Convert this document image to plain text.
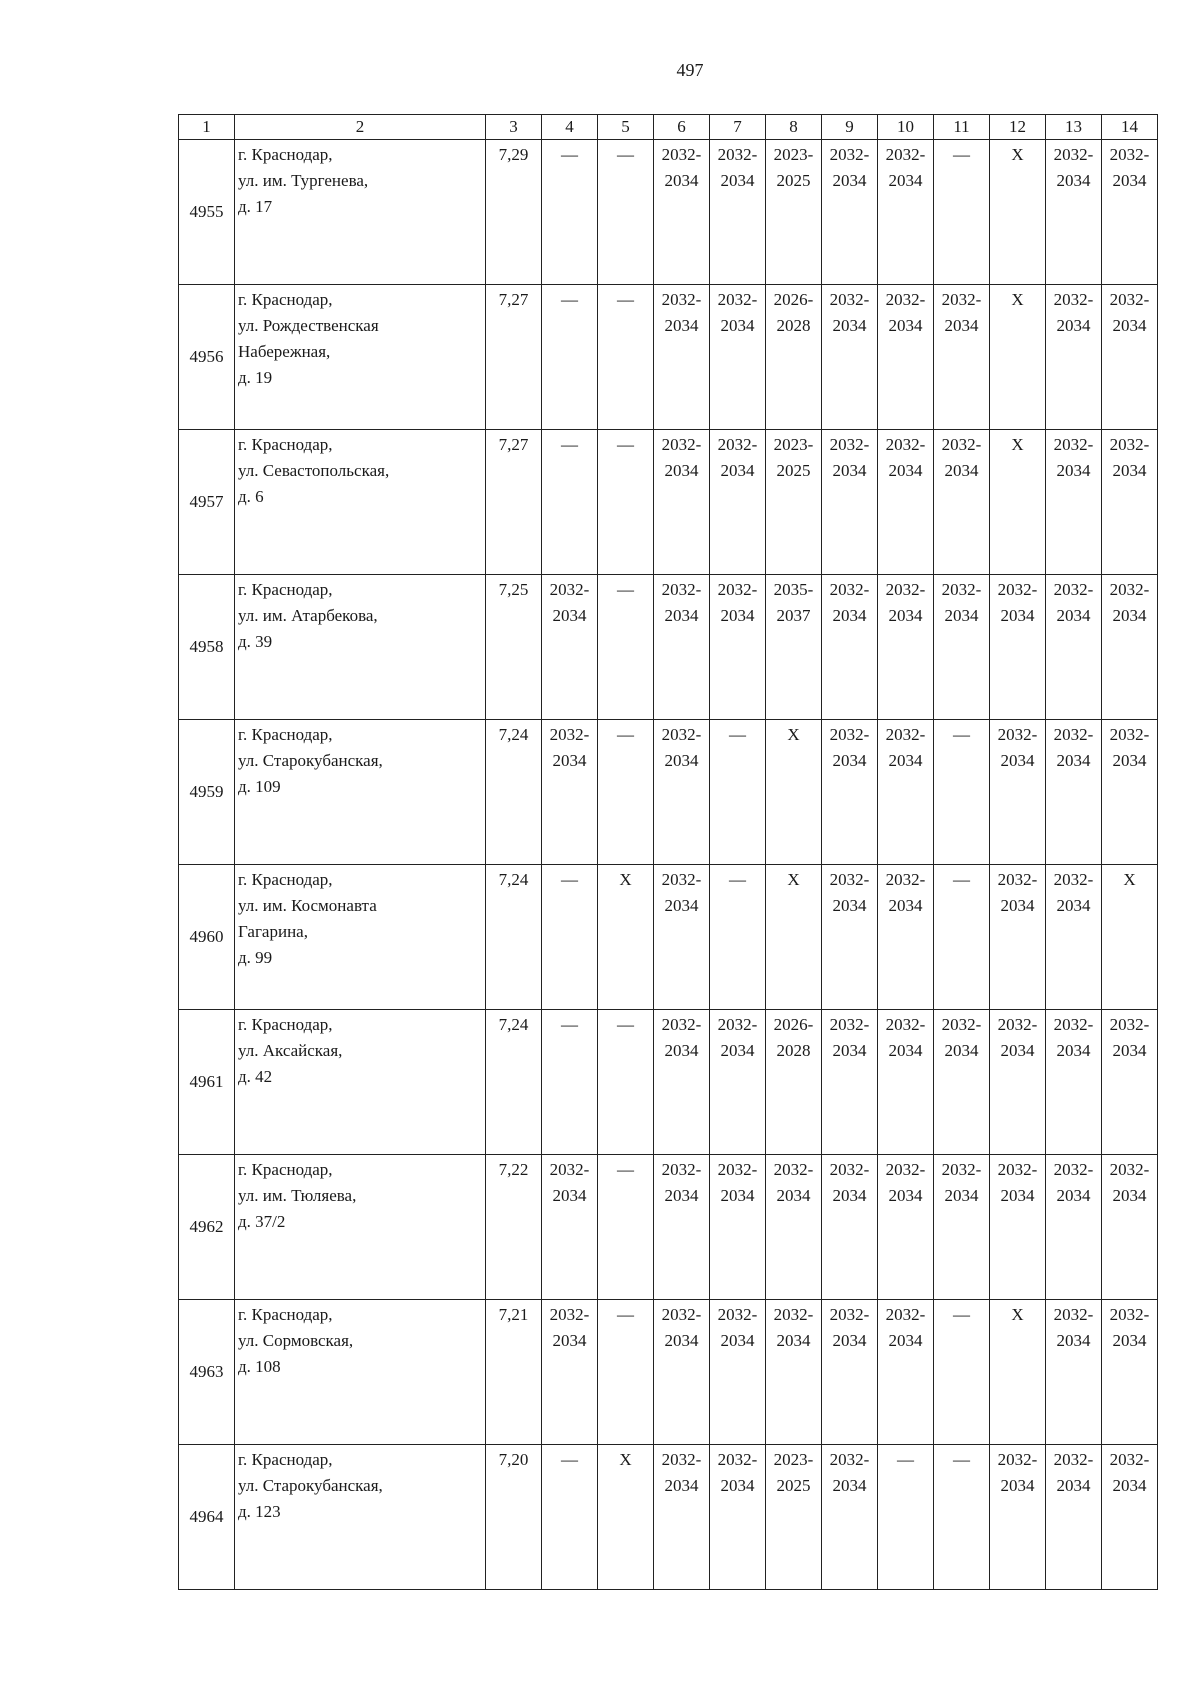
497
1	2	3	4	5	6	7	8	9	10	11	12	13	14
4955	г. Краснодар,
ул. им. Тургенева,
д. 17	7,29	—	—	2032-
2034	2032-
2034	2023-
2025	2032-
2034	2032-
2034	—	X	2032-
2034	2032-
2034

4956	г. Краснодар,
ул. Рождественская
Набережная,
д. 19	7,27	—	—	2032-
2034	2032-
2034	2026-
2028	2032-
2034	2032-
2034	2032-
2034	X	2032-
2034	2032-
2034

4957	г. Краснодар,
ул. Севастопольская,
д. 6	7,27	—	—	2032-
2034	2032-
2034	2023-
2025	2032-
2034	2032-
2034	2032-
2034	X	2032-
2034	2032-
2034

4958	г. Краснодар,
ул. им. Атарбекова,
д. 39	7,25	2032-
2034	—	2032-
2034	2032-
2034	2035-
2037	2032-
2034	2032-
2034	2032-
2034	2032-
2034	2032-
2034	2032-
2034

4959	г. Краснодар,
ул. Старокубанская,
д. 109	7,24	2032-
2034	—	2032-
2034	—	X	2032-
2034	2032-
2034	—	2032-
2034	2032-
2034	2032-
2034

4960	г. Краснодар,
ул. им. Космонавта
Гагарина,
д. 99	7,24	—	X	2032-
2034	—	X	2032-
2034	2032-
2034	—	2032-
2034	2032-
2034	X

4961	г. Краснодар,
ул. Аксайская,
д. 42	7,24	—	—	2032-
2034	2032-
2034	2026-
2028	2032-
2034	2032-
2034	2032-
2034	2032-
2034	2032-
2034	2032-
2034

4962	г. Краснодар,
ул. им. Тюляева,
д. 37/2	7,22	2032-
2034	—	2032-
2034	2032-
2034	2032-
2034	2032-
2034	2032-
2034	2032-
2034	2032-
2034	2032-
2034	2032-
2034

4963	г. Краснодар,
ул. Сормовская,
д. 108	7,21	2032-
2034	—	2032-
2034	2032-
2034	2032-
2034	2032-
2034	2032-
2034	—	X	2032-
2034	2032-
2034

4964	г. Краснодар,
ул. Старокубанская,
д. 123	7,20	—	X	2032-
2034	2032-
2034	2023-
2025	2032-
2034	—	—	2032-
2034	2032-
2034	2032-
2034
